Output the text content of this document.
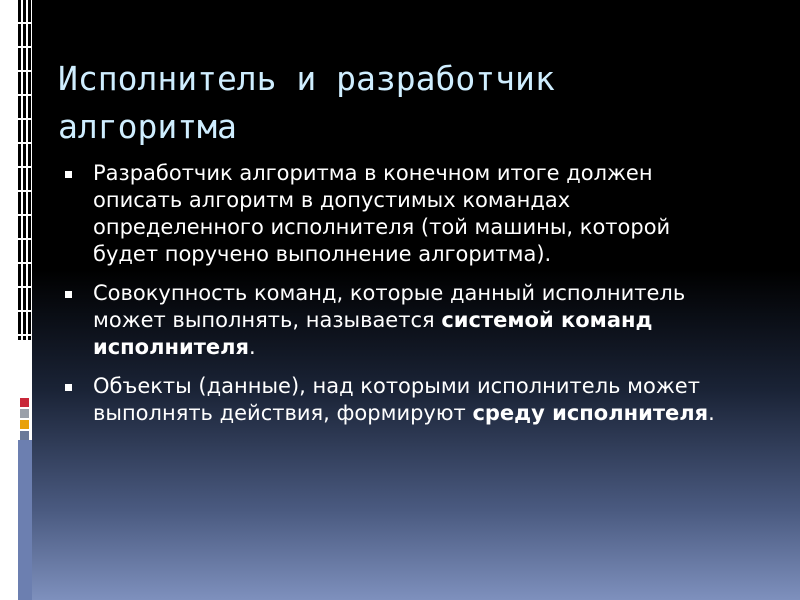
Исполнитель и разработчик алгоритма
Разработчик алгоритма в конечном итоге должен описать алгоритм в допустимых командах определенного исполнителя (той машины, которой будет поручено выполнение алгоритма).
Совокупность команд, которые данный исполнитель может выполнять, называется системой команд исполнителя.
Объекты (данные), над которыми исполнитель может выполнять действия, формируют среду исполнителя.
